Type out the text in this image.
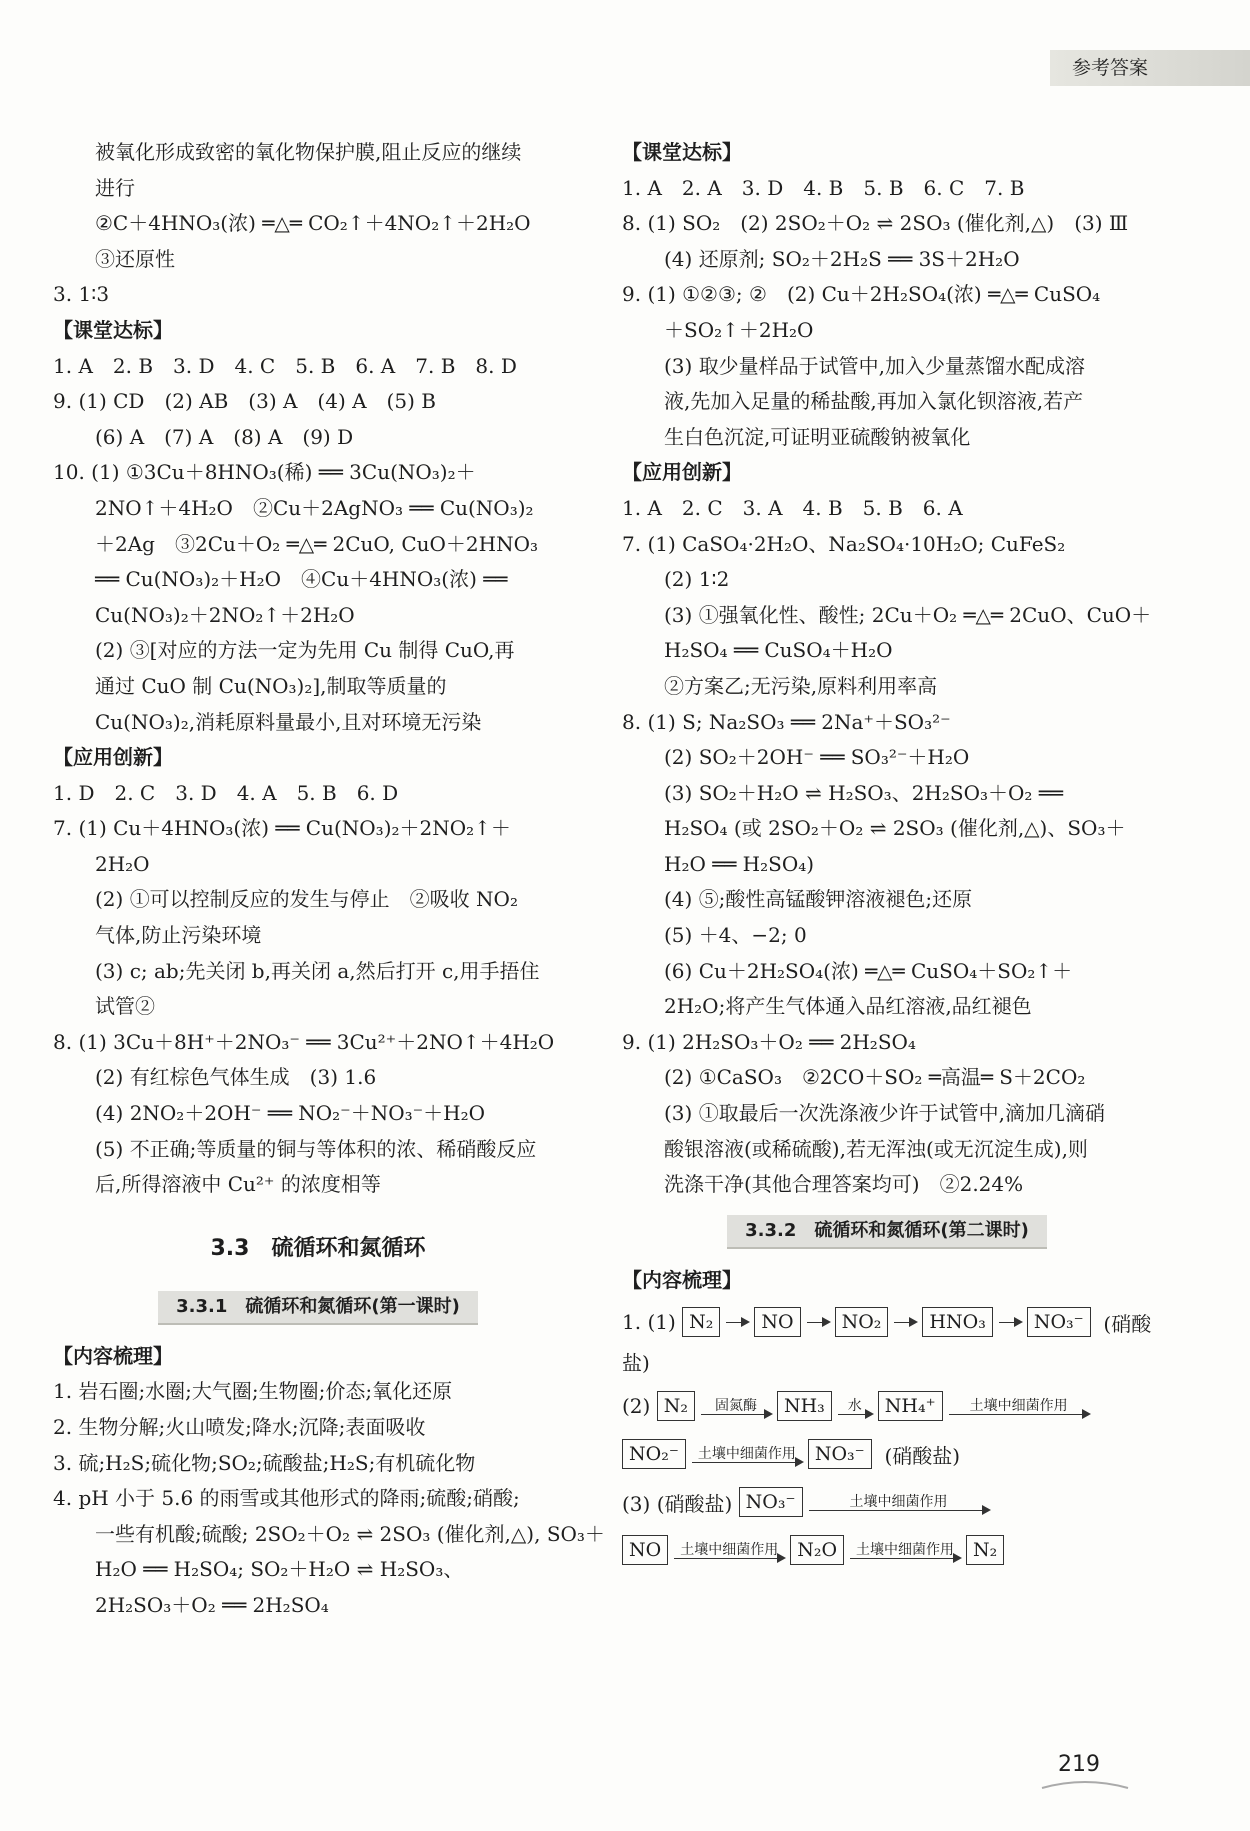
参考答案
被氧化形成致密的氧化物保护膜,阻止反应的继续
进行
②C＋4HNO₃(浓) ═△═ CO₂↑＋4NO₂↑＋2H₂O
③还原性
3. 1∶3
【课堂达标】
1. A　2. B　3. D　4. C　5. B　6. A　7. B　8. D
9. (1) CD　(2) AB　(3) A　(4) A　(5) B
(6) A　(7) A　(8) A　(9) D
10. (1) ①3Cu＋8HNO₃(稀) ══ 3Cu(NO₃)₂＋
2NO↑＋4H₂O　②Cu＋2AgNO₃ ══ Cu(NO₃)₂
＋2Ag　③2Cu＋O₂ ═△═ 2CuO, CuO＋2HNO₃
══ Cu(NO₃)₂＋H₂O　④Cu＋4HNO₃(浓) ══
Cu(NO₃)₂＋2NO₂↑＋2H₂O
(2) ③[对应的方法一定为先用 Cu 制得 CuO,再
通过 CuO 制 Cu(NO₃)₂],制取等质量的
Cu(NO₃)₂,消耗原料量最小,且对环境无污染
【应用创新】
1. D　2. C　3. D　4. A　5. B　6. D
7. (1) Cu＋4HNO₃(浓) ══ Cu(NO₃)₂＋2NO₂↑＋
2H₂O
(2) ①可以控制反应的发生与停止　②吸收 NO₂
气体,防止污染环境
(3) c; ab;先关闭 b,再关闭 a,然后打开 c,用手捂住
试管②
8. (1) 3Cu＋8H⁺＋2NO₃⁻ ══ 3Cu²⁺＋2NO↑＋4H₂O
(2) 有红棕色气体生成　(3) 1.6
(4) 2NO₂＋2OH⁻ ══ NO₂⁻＋NO₃⁻＋H₂O
(5) 不正确;等质量的铜与等体积的浓、稀硝酸反应
后,所得溶液中 Cu²⁺ 的浓度相等
3.3　硫循环和氮循环
3.3.1　硫循环和氮循环(第一课时)
【内容梳理】
1. 岩石圈;水圈;大气圈;生物圈;价态;氧化还原
2. 生物分解;火山喷发;降水;沉降;表面吸收
3. 硫;H₂S;硫化物;SO₂;硫酸盐;H₂S;有机硫化物
4. pH 小于 5.6 的雨雪或其他形式的降雨;硫酸;硝酸;
一些有机酸;硫酸; 2SO₂＋O₂ ⇌ 2SO₃ (催化剂,△), SO₃＋
H₂O ══ H₂SO₄; SO₂＋H₂O ⇌ H₂SO₃、
2H₂SO₃＋O₂ ══ 2H₂SO₄
【课堂达标】
1. A　2. A　3. D　4. B　5. B　6. C　7. B
8. (1) SO₂　(2) 2SO₂＋O₂ ⇌ 2SO₃ (催化剂,△)　(3) Ⅲ
(4) 还原剂; SO₂＋2H₂S ══ 3S＋2H₂O
9. (1) ①②③; ②　(2) Cu＋2H₂SO₄(浓) ═△═ CuSO₄
＋SO₂↑＋2H₂O
(3) 取少量样品于试管中,加入少量蒸馏水配成溶
液,先加入足量的稀盐酸,再加入氯化钡溶液,若产
生白色沉淀,可证明亚硫酸钠被氧化
【应用创新】
1. A　2. C　3. A　4. B　5. B　6. A
7. (1) CaSO₄·2H₂O、Na₂SO₄·10H₂O; CuFeS₂
(2) 1∶2
(3) ①强氧化性、酸性; 2Cu＋O₂ ═△═ 2CuO、CuO＋
H₂SO₄ ══ CuSO₄＋H₂O
②方案乙;无污染,原料利用率高
8. (1) S; Na₂SO₃ ══ 2Na⁺＋SO₃²⁻
(2) SO₂＋2OH⁻ ══ SO₃²⁻＋H₂O
(3) SO₂＋H₂O ⇌ H₂SO₃、2H₂SO₃＋O₂ ══
H₂SO₄ (或 2SO₂＋O₂ ⇌ 2SO₃ (催化剂,△)、SO₃＋
H₂O ══ H₂SO₄)
(4) ⑤;酸性高锰酸钾溶液褪色;还原
(5) ＋4、−2; 0
(6) Cu＋2H₂SO₄(浓) ═△═ CuSO₄＋SO₂↑＋
2H₂O;将产生气体通入品红溶液,品红褪色
9. (1) 2H₂SO₃＋O₂ ══ 2H₂SO₄
(2) ①CaSO₃　②2CO＋SO₂ ═高温═ S＋2CO₂
(3) ①取最后一次洗涤液少许于试管中,滴加几滴硝
酸银溶液(或稀硫酸),若无浑浊(或无沉淀生成),则
洗涤干净(其他合理答案均可)　②2.24%
3.3.2　硫循环和氮循环(第二课时)
【内容梳理】
1. (1)
N₂	NO	NO₂	HNO₃	NO₃⁻
(硝酸
盐)
(2)
N₂	固氮酶	NH₃	水	NH₄⁺	土壤中细菌作用
NO₂⁻	土壤中细菌作用	NO₃⁻
(硝酸盐)
(3) (硝酸盐)
NO₃⁻	土壤中细菌作用
NO	土壤中细菌作用	N₂O	土壤中细菌作用	N₂
219
